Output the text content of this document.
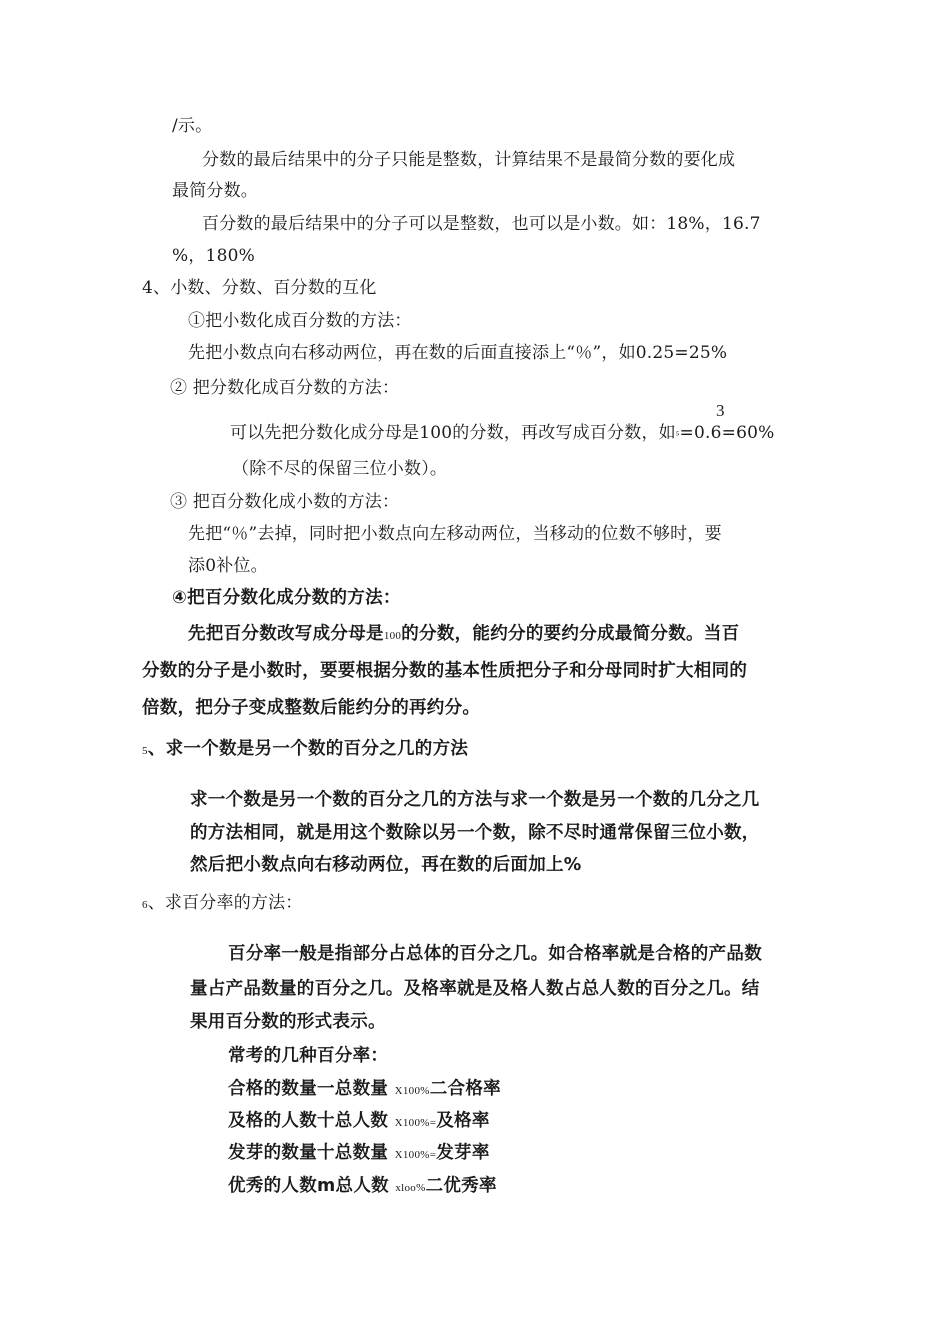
/示。
分数的最后结果中的分子只能是整数，计算结果不是最简分数的要化成
最简分数。
百分数的最后结果中的分子可以是整数，也可以是小数。如：18%，16.7
%，180%
4、小数、分数、百分数的互化
①把小数化成百分数的方法：
先把小数点向右移动两位，再在数的后面直接添上“％”，如0.25=25%
② 把分数化成百分数的方法：
3
可以先把分数化成分母是100的分数，再改写成百分数，如⁵=0.6=60%
（除不尽的保留三位小数）。
③ 把百分数化成小数的方法：
先把“％”去掉，同时把小数点向左移动两位，当移动的位数不够时，要
添0补位。
④把百分数化成分数的方法：
先把百分数改写成分母是100的分数，能约分的要约分成最简分数。当百
分数的分子是小数时，要要根据分数的基本性质把分子和分母同时扩大相同的
倍数，把分子变成整数后能约分的再约分。
5、求一个数是另一个数的百分之几的方法
求一个数是另一个数的百分之几的方法与求一个数是另一个数的几分之几
的方法相同，就是用这个数除以另一个数，除不尽时通常保留三位小数，
然后把小数点向右移动两位，再在数的后面加上%
6、求百分率的方法：
百分率一般是指部分占总体的百分之几。如合格率就是合格的产品数
量占产品数量的百分之几。及格率就是及格人数占总人数的百分之几。结
果用百分数的形式表示。
常考的几种百分率：
合格的数量一总数量 X100%二合格率
及格的人数十总人数 X100%=及格率
发芽的数量十总数量 X100%=发芽率
优秀的人数m总人数 xloo%二优秀率
